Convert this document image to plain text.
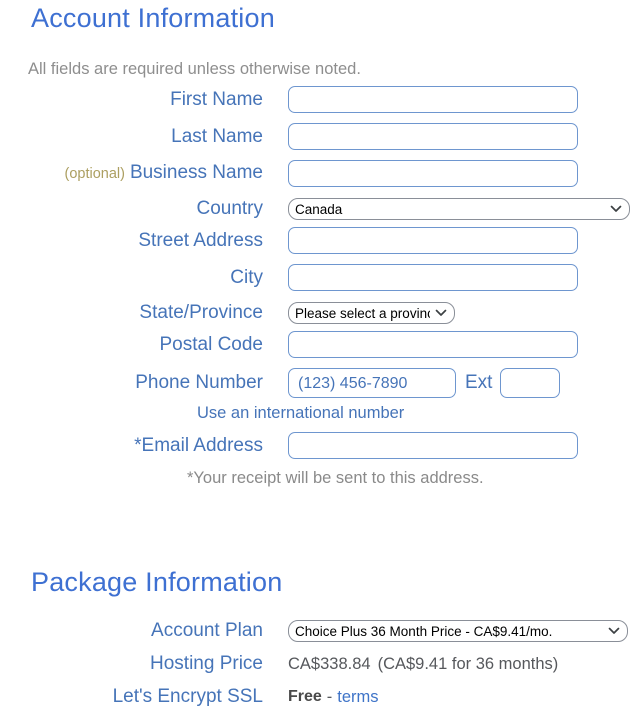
Account Information
All fields are required unless otherwise noted.
First Name
Last Name
(optional) Business Name
Country
Canada
Street Address
City
State/Province
Please select a province
Postal Code
Phone Number
(123) 456-7890	Ext
Use an international number
*Email Address
*Your receipt will be sent to this address.
Package Information
Account Plan
Choice Plus 36 Month Price - CA$9.41/mo.
Hosting Price CA$338.84 (CA$9.41 for 36 months)
Let's Encrypt SSL Free - terms
